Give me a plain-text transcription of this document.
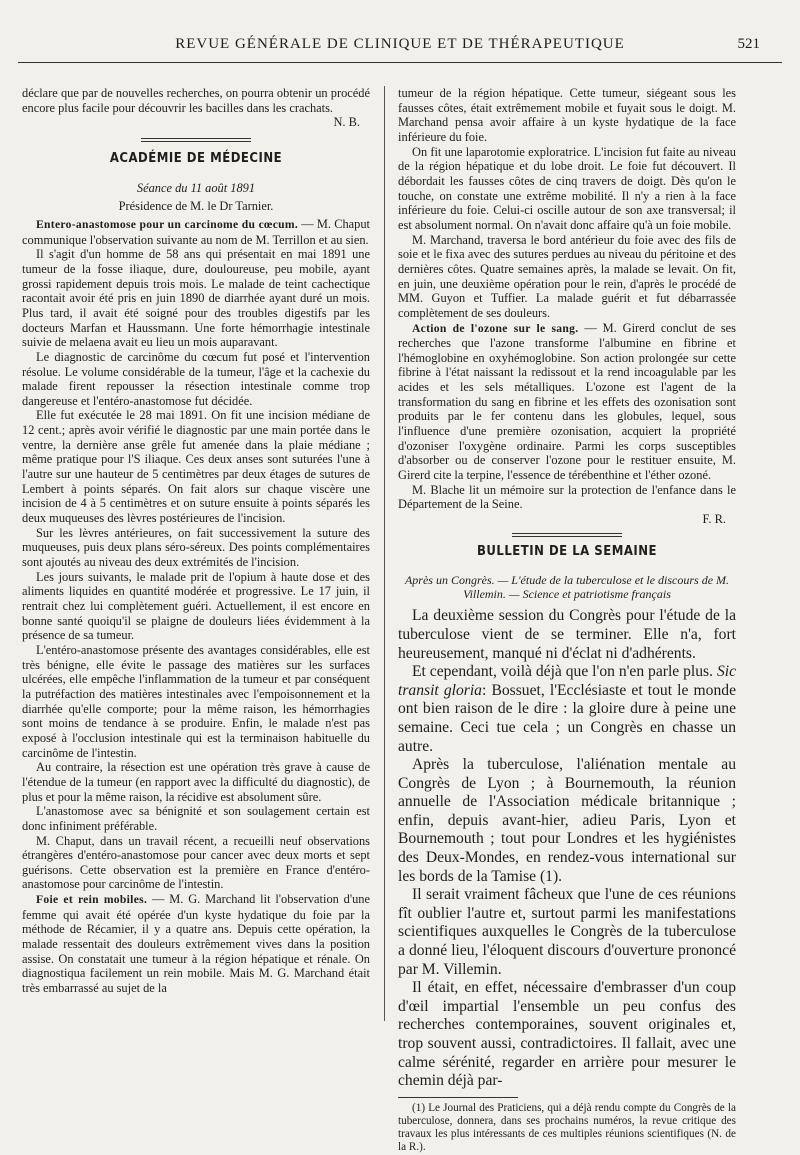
REVUE GÉNÉRALE DE CLINIQUE ET DE THÉRAPEUTIQUE	521

déclare que par de nouvelles recherches, on pourra obtenir un procédé encore plus facile pour découvrir les bacilles dans les crachats.

N. B.

ACADÉMIE DE MÉDECINE

Séance du 11 août 1891

Présidence de M. le Dr Tarnier.

Entero-anastomose pour un carcinome du cœcum. — M. Chaput communique l'observation suivante au nom de M. Terrillon et au sien.

Il s'agit d'un homme de 58 ans qui présentait en mai 1891 une tumeur de la fosse iliaque, dure, douloureuse, peu mobile, ayant grossi rapidement depuis trois mois. Le malade de teint cachectique racontait avoir été pris en juin 1890 de diarrhée ayant duré un mois. Plus tard, il avait été soigné pour des troubles digestifs par les docteurs Marfan et Haussmann. Une forte hémorrhagie intestinale suivie de melaena avait eu lieu un mois auparavant.

Le diagnostic de carcinôme du cœcum fut posé et l'intervention résolue. Le volume considérable de la tumeur, l'âge et la cachexie du malade firent repousser la résection intestinale comme trop dangereuse et l'entéro-anastomose fut décidée.

Elle fut exécutée le 28 mai 1891. On fit une incision médiane de 12 cent.; après avoir vérifié le diagnostic par une main portée dans le ventre, la dernière anse grêle fut amenée dans la plaie médiane ; même pratique pour l'S iliaque. Ces deux anses sont suturées l'une à l'autre sur une hauteur de 5 centimètres par deux étages de sutures de Lembert à points séparés. On fait alors sur chaque viscère une incision de 4 à 5 centimètres et on suture ensuite à points séparés les deux muqueuses des lèvres postérieures de l'incision.

Sur les lèvres antérieures, on fait successivement la suture des muqueuses, puis deux plans séro-séreux. Des points complémentaires sont ajoutés au niveau des deux extrémités de l'incision.

Les jours suivants, le malade prit de l'opium à haute dose et des aliments liquides en quantité modérée et progressive. Le 17 juin, il rentrait chez lui complètement guéri. Actuellement, il est encore en bonne santé quoiqu'il se plaigne de douleurs liées évidemment à la présence de sa tumeur.

L'entéro-anastomose présente des avantages considérables, elle est très bénigne, elle évite le passage des matières sur les surfaces ulcérées, elle empêche l'inflammation de la tumeur et par conséquent la putréfaction des matières intestinales avec l'empoisonnement et la diarrhée qu'elle comporte; pour la même raison, les hémorrhagies sont moins de tendance à se produire. Enfin, le malade n'est pas exposé à l'occlusion intestinale qui est la terminaison habituelle du carcinôme de l'intestin.

Au contraire, la résection est une opération très grave à cause de l'étendue de la tumeur (en rapport avec la difficulté du diagnostic), de plus et pour la même raison, la récidive est absolument sûre.

L'anastomose avec sa bénignité et son soulagement certain est donc infiniment préférable.

M. Chaput, dans un travail récent, a recueilli neuf observations étrangères d'entéro-anastomose pour cancer avec deux morts et sept guérisons. Cette observation est la première en France d'entéro-anastomose pour carcinôme de l'intestin.

Foie et rein mobiles. — M. G. Marchand lit l'observation d'une femme qui avait été opérée d'un kyste hydatique du foie par la méthode de Récamier, il y a quatre ans. Depuis cette opération, la malade ressentait des douleurs extrêmement vives dans la position assise. On constatait une tumeur à la région hépatique et rénale. On diagnostiqua facilement un rein mobile. Mais M. G. Marchand était très embarrassé au sujet de la

tumeur de la région hépatique. Cette tumeur, siégeant sous les fausses côtes, était extrêmement mobile et fuyait sous le doigt. M. Marchand pensa avoir affaire à un kyste hydatique de la face inférieure du foie.

On fit une laparotomie exploratrice. L'incision fut faite au niveau de la région hépatique et du lobe droit. Le foie fut découvert. Il débordait les fausses côtes de cinq travers de doigt. Dès qu'on le touche, on constate une extrême mobilité. Il n'y a rien à la face inférieure du foie. Celui-ci oscille autour de son axe transversal; il est absolument normal. On n'avait donc affaire qu'à un foie mobile.

M. Marchand, traversa le bord antérieur du foie avec des fils de soie et le fixa avec des sutures perdues au niveau du péritoine et des dernières côtes. Quatre semaines après, la malade se levait. On fit, en juin, une deuxième opération pour le rein, d'après le procédé de MM. Guyon et Tuffier. La malade guérit et fut débarrassée complètement de ses douleurs.

Action de l'ozone sur le sang. — M. Girerd conclut de ses recherches que l'azone transforme l'albumine en fibrine et l'hémoglobine en oxyhémoglobine. Son action prolongée sur cette fibrine à l'état naissant la redissout et la rend incoagulable par les acides et les sels métalliques. L'ozone est l'agent de la transformation du sang en fibrine et les effets des ozonisation sont produits par le fer contenu dans les globules, lequel, sous l'influence d'une première ozonisation, acquiert la propriété d'ozoniser l'oxygène ordinaire. Parmi les corps susceptibles d'absorber ou de conserver l'ozone pour le restituer ensuite, M. Girerd cite la terpine, l'essence de térébenthine et l'éther ozoné.

M. Blache lit un mémoire sur la protection de l'enfance dans le Département de la Seine.

F. R.

BULLETIN DE LA SEMAINE

Après un Congrès. — L'étude de la tuberculose et le discours de M. Villemin. — Science et patriotisme français

La deuxième session du Congrès pour l'étude de la tuberculose vient de se terminer. Elle n'a, fort heureusement, manqué ni d'éclat ni d'adhérents.

Et cependant, voilà déjà que l'on n'en parle plus. Sic transit gloria: Bossuet, l'Ecclésiaste et tout le monde ont bien raison de le dire : la gloire dure à peine une semaine. Ceci tue cela ; un Congrès en chasse un autre.

Après la tuberculose, l'aliénation mentale au Congrès de Lyon ; à Bournemouth, la réunion annuelle de l'Association médicale britannique ; enfin, depuis avant-hier, adieu Paris, Lyon et Bournemouth ; tout pour Londres et les hygiénistes des Deux-Mondes, en rendez-vous international sur les bords de la Tamise (1).

Il serait vraiment fâcheux que l'une de ces réunions fît oublier l'autre et, surtout parmi les manifestations scientifiques auxquelles le Congrès de la tuberculose a donné lieu, l'éloquent discours d'ouverture prononcé par M. Villemin.

Il était, en effet, nécessaire d'embrasser d'un coup d'œil impartial l'ensemble un peu confus des recherches contemporaines, souvent originales et, trop souvent aussi, contradictoires. Il fallait, avec une calme sérénité, regarder en arrière pour mesurer le chemin déjà par-

(1) Le Journal des Praticiens, qui a déjà rendu compte du Congrès de la tuberculose, donnera, dans ses prochains numéros, la revue critique des travaux les plus intéressants de ces multiples réunions scientifiques (N. de la R.).
